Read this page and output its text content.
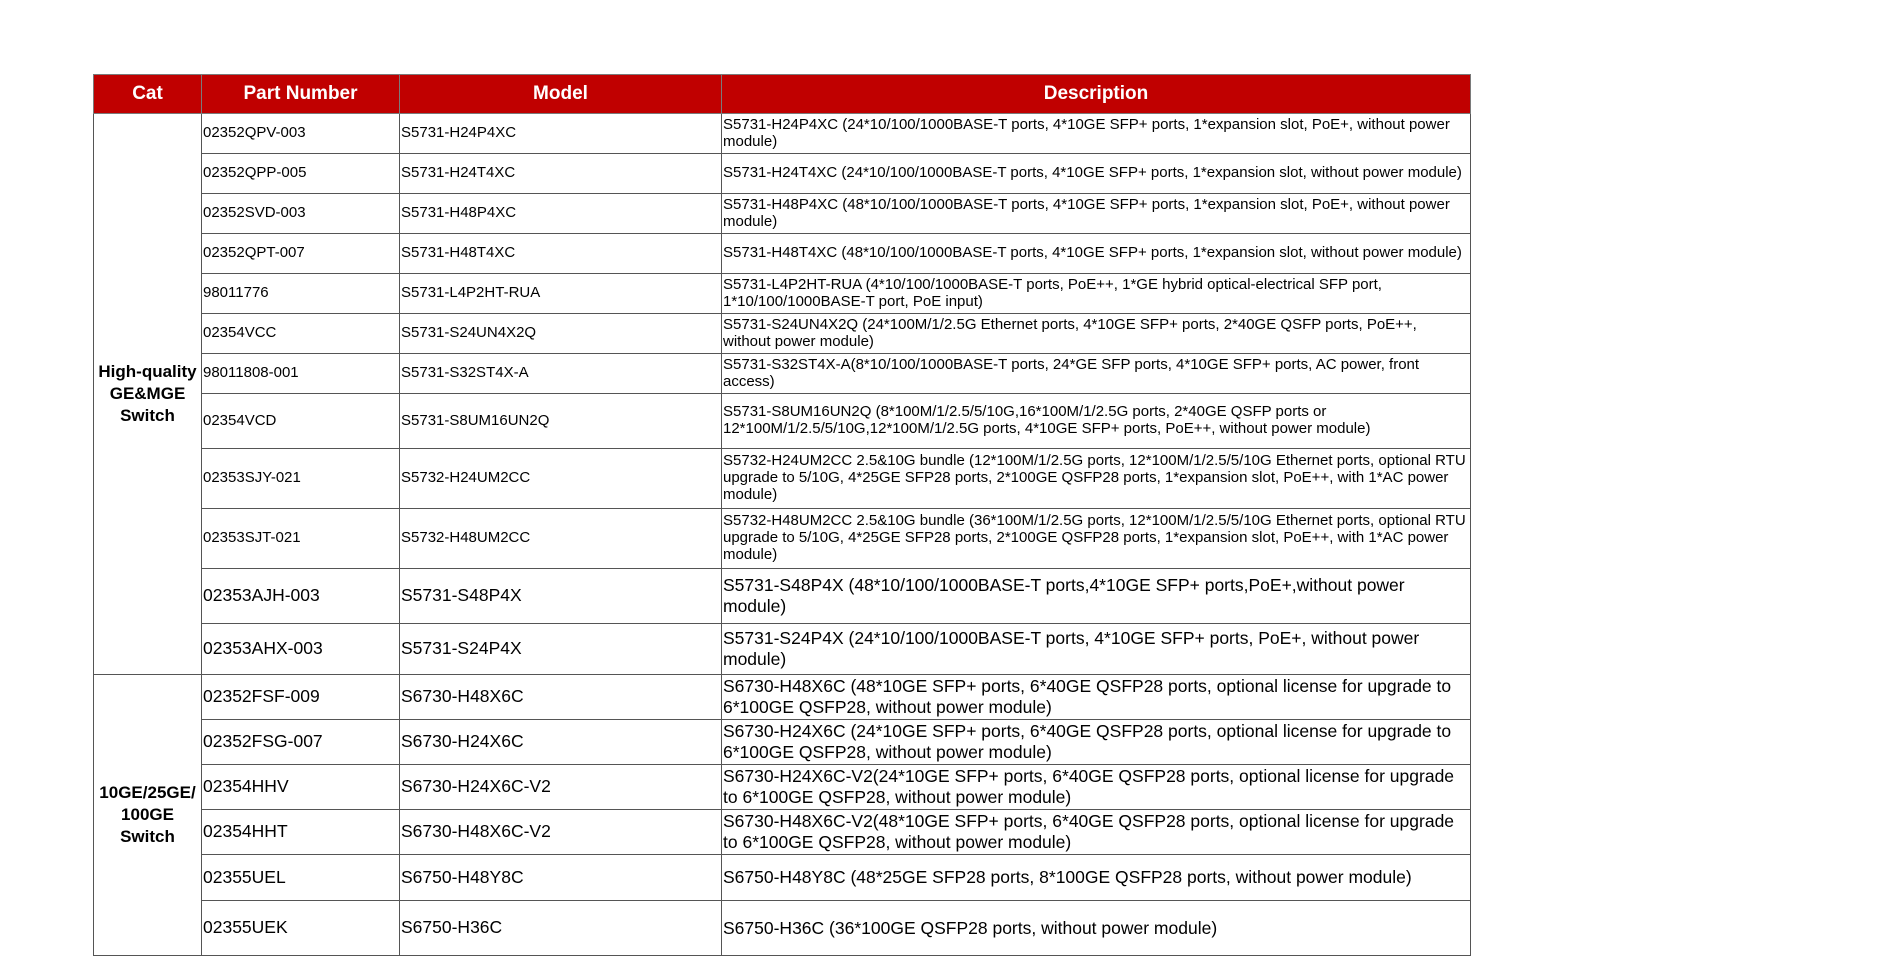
Cat	Part Number	Model	Description

High-quality
GE&MGE
Switch	02352QPV-003	S5731-H24P4XC	S5731-H24P4XC (24*10/100/1000BASE-T ports, 4*10GE SFP+ ports, 1*expansion slot, PoE+, without power module)
	02352QPP-005	S5731-H24T4XC	S5731-H24T4XC (24*10/100/1000BASE-T ports, 4*10GE SFP+ ports, 1*expansion slot, without power module)
	02352SVD-003	S5731-H48P4XC	S5731-H48P4XC (48*10/100/1000BASE-T ports, 4*10GE SFP+ ports, 1*expansion slot, PoE+, without power module)
	02352QPT-007	S5731-H48T4XC	S5731-H48T4XC (48*10/100/1000BASE-T ports, 4*10GE SFP+ ports, 1*expansion slot, without power module)
	98011776	S5731-L4P2HT-RUA	S5731-L4P2HT-RUA (4*10/100/1000BASE-T ports, PoE++, 1*GE hybrid optical-electrical SFP port, 1*10/100/1000BASE-T port, PoE input)
	02354VCC	S5731-S24UN4X2Q	S5731-S24UN4X2Q (24*100M/1/2.5G Ethernet ports, 4*10GE SFP+ ports, 2*40GE QSFP ports, PoE++, without power module)
	98011808-001	S5731-S32ST4X-A	S5731-S32ST4X-A(8*10/100/1000BASE-T ports, 24*GE SFP ports, 4*10GE SFP+ ports, AC power, front access)
	02354VCD	S5731-S8UM16UN2Q	S5731-S8UM16UN2Q (8*100M/1/2.5/5/10G,16*100M/1/2.5G ports, 2*40GE QSFP ports or 12*100M/1/2.5/5/10G,12*100M/1/2.5G ports, 4*10GE SFP+ ports, PoE++, without power module)
	02353SJY-021	S5732-H24UM2CC	S5732-H24UM2CC 2.5&10G bundle (12*100M/1/2.5G ports, 12*100M/1/2.5/5/10G Ethernet ports, optional RTU upgrade to 5/10G, 4*25GE SFP28 ports, 2*100GE QSFP28 ports, 1*expansion slot, PoE++, with 1*AC power module)
	02353SJT-021	S5732-H48UM2CC	S5732-H48UM2CC 2.5&10G bundle (36*100M/1/2.5G ports, 12*100M/1/2.5/5/10G Ethernet ports, optional RTU upgrade to 5/10G, 4*25GE SFP28 ports, 2*100GE QSFP28 ports, 1*expansion slot, PoE++, with 1*AC power module)
	02353AJH-003	S5731-S48P4X	S5731-S48P4X (48*10/100/1000BASE-T ports,4*10GE SFP+ ports,PoE+,without power module)
	02353AHX-003	S5731-S24P4X	S5731-S24P4X (24*10/100/1000BASE-T ports, 4*10GE SFP+ ports, PoE+, without power module)

10GE/25GE/
100GE
Switch	02352FSF-009	S6730-H48X6C	S6730-H48X6C (48*10GE SFP+ ports, 6*40GE QSFP28 ports, optional license for upgrade to 6*100GE QSFP28, without power module)
	02352FSG-007	S6730-H24X6C	S6730-H24X6C (24*10GE SFP+ ports, 6*40GE QSFP28 ports, optional license for upgrade to 6*100GE QSFP28, without power module)
	02354HHV	S6730-H24X6C-V2	S6730-H24X6C-V2(24*10GE SFP+ ports, 6*40GE QSFP28 ports, optional license for upgrade to 6*100GE QSFP28, without power module)
	02354HHT	S6730-H48X6C-V2	S6730-H48X6C-V2(48*10GE SFP+ ports, 6*40GE QSFP28 ports, optional license for upgrade to 6*100GE QSFP28, without power module)
	02355UEL	S6750-H48Y8C	S6750-H48Y8C (48*25GE SFP28 ports, 8*100GE QSFP28 ports, without power module)
	02355UEK	S6750-H36C	S6750-H36C (36*100GE QSFP28 ports, without power module)
